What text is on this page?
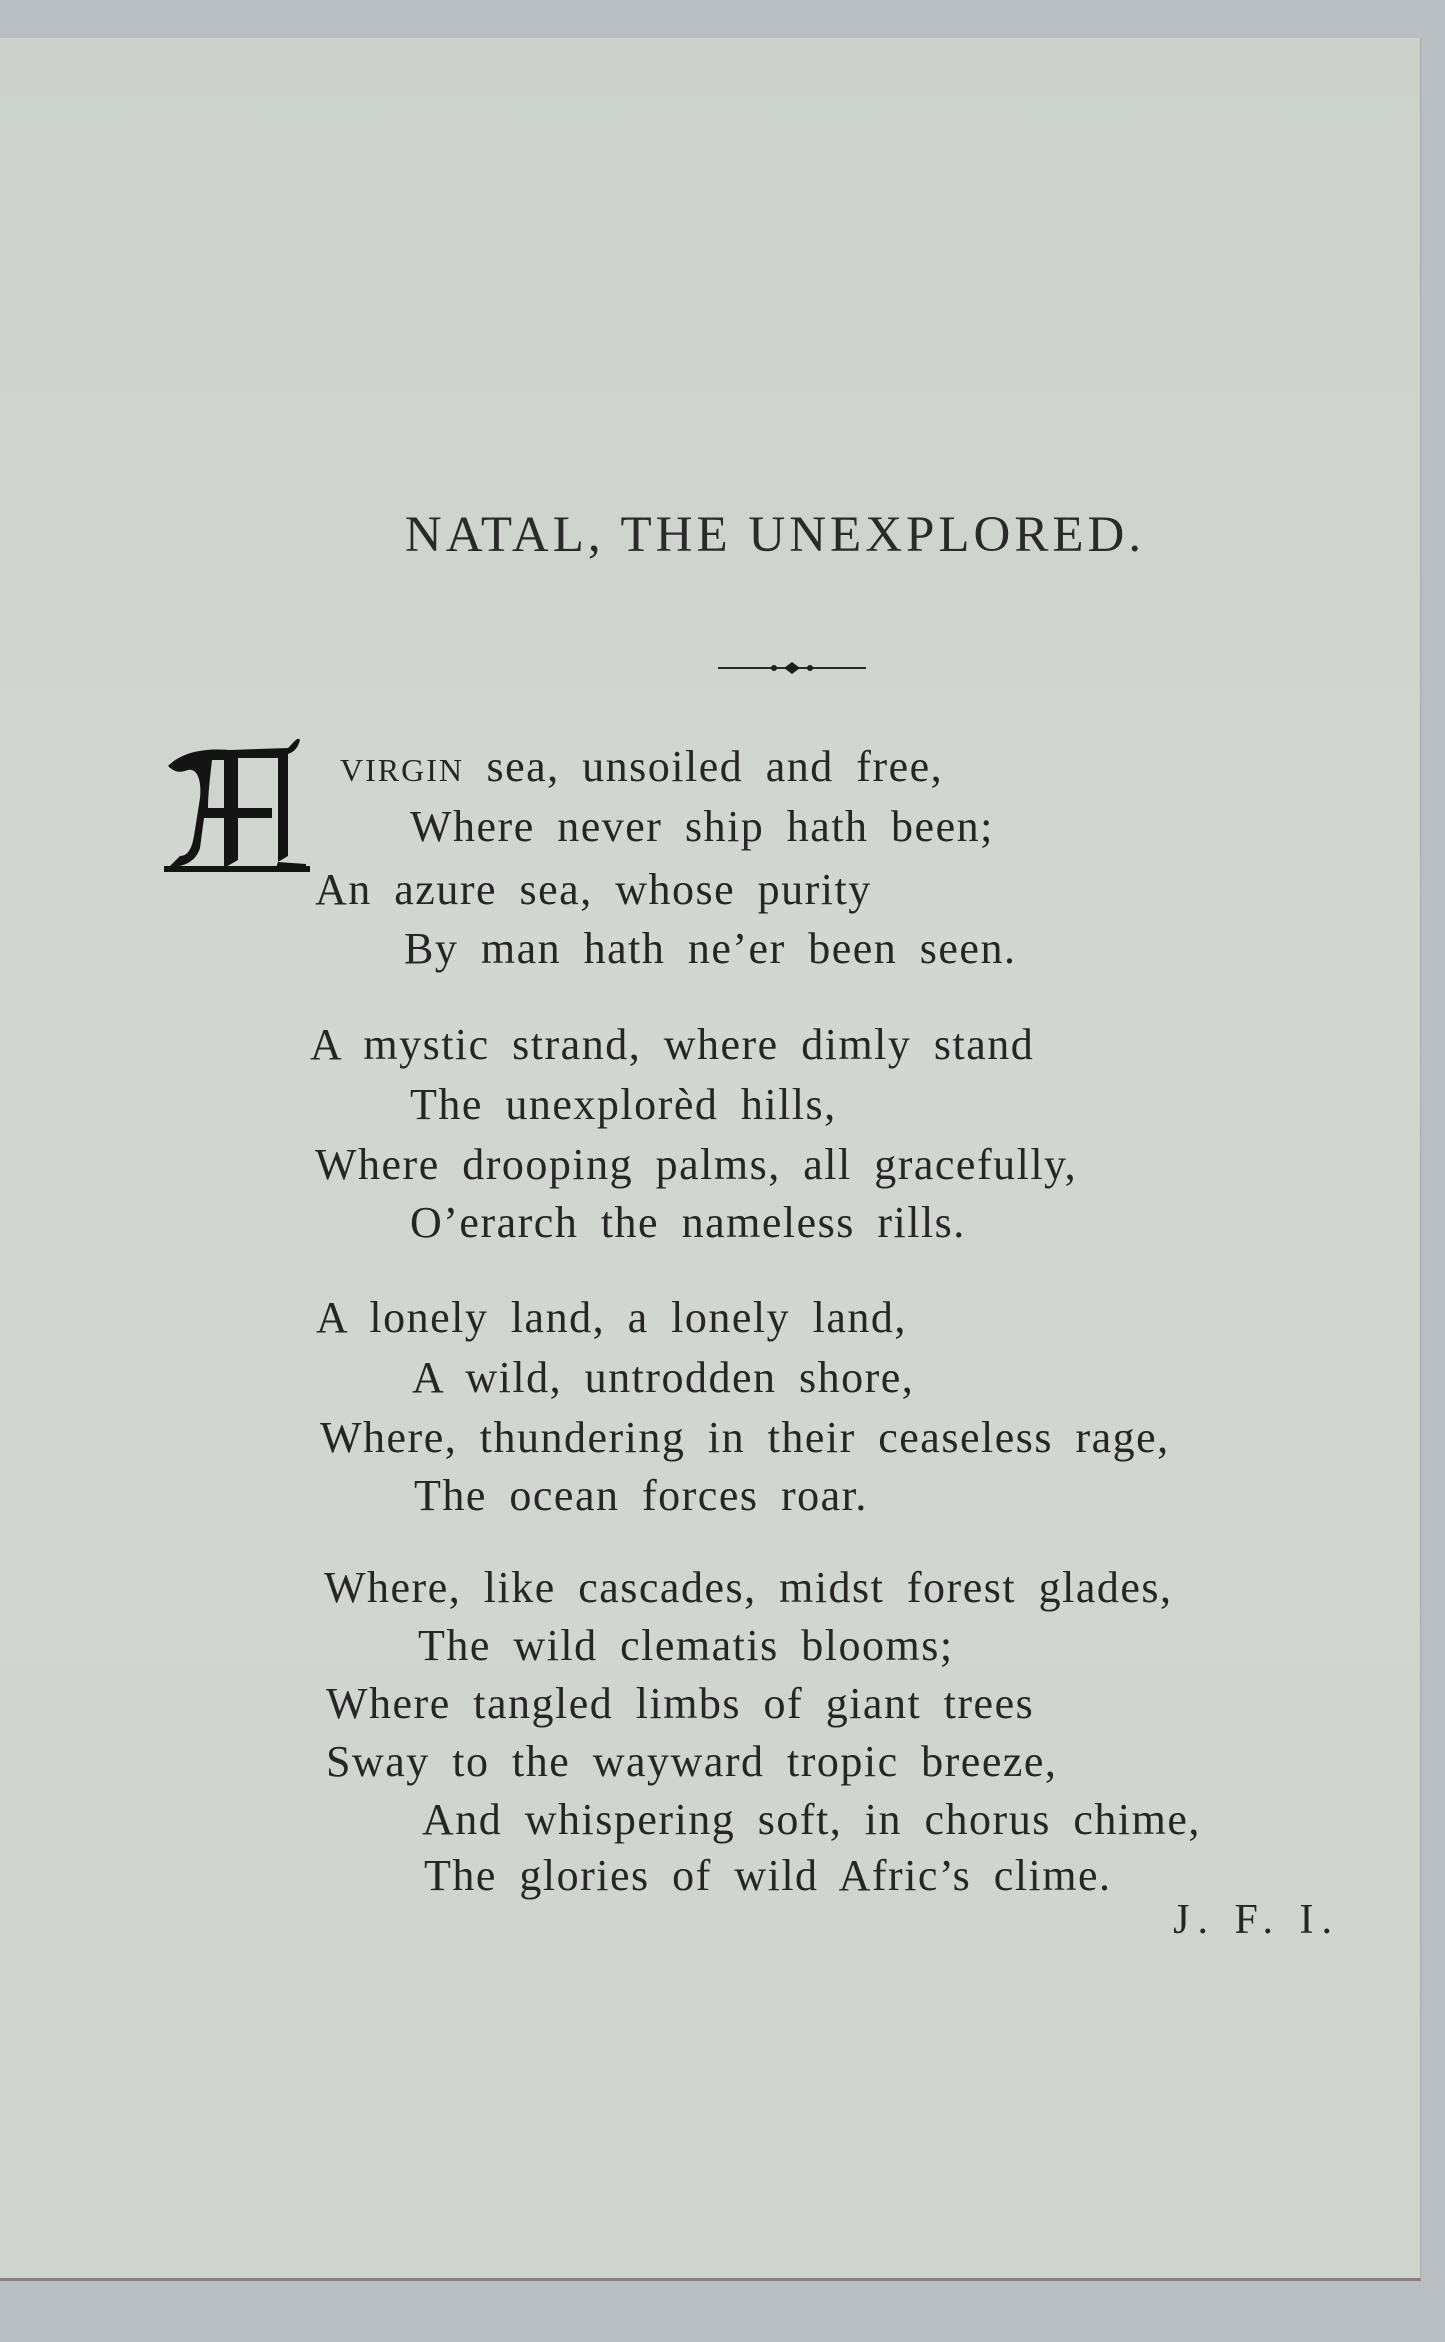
NATAL, THE UNEXPLORED.

VIRGIN sea, unsoiled and free,

Where never ship hath been;

An azure sea, whose purity

By man hath ne’er been seen.

A mystic strand, where dimly stand

The unexplorèd hills,

Where drooping palms, all gracefully,

O’erarch the nameless rills.

A lonely land, a lonely land,

A wild, untrodden shore,

Where, thundering in their ceaseless rage,

The ocean forces roar.

Where, like cascades, midst forest glades,

The wild clematis blooms;

Where tangled limbs of giant trees

Sway to the wayward tropic breeze,

And whispering soft, in chorus chime,

The glories of wild Afric’s clime.

J. F. I.
